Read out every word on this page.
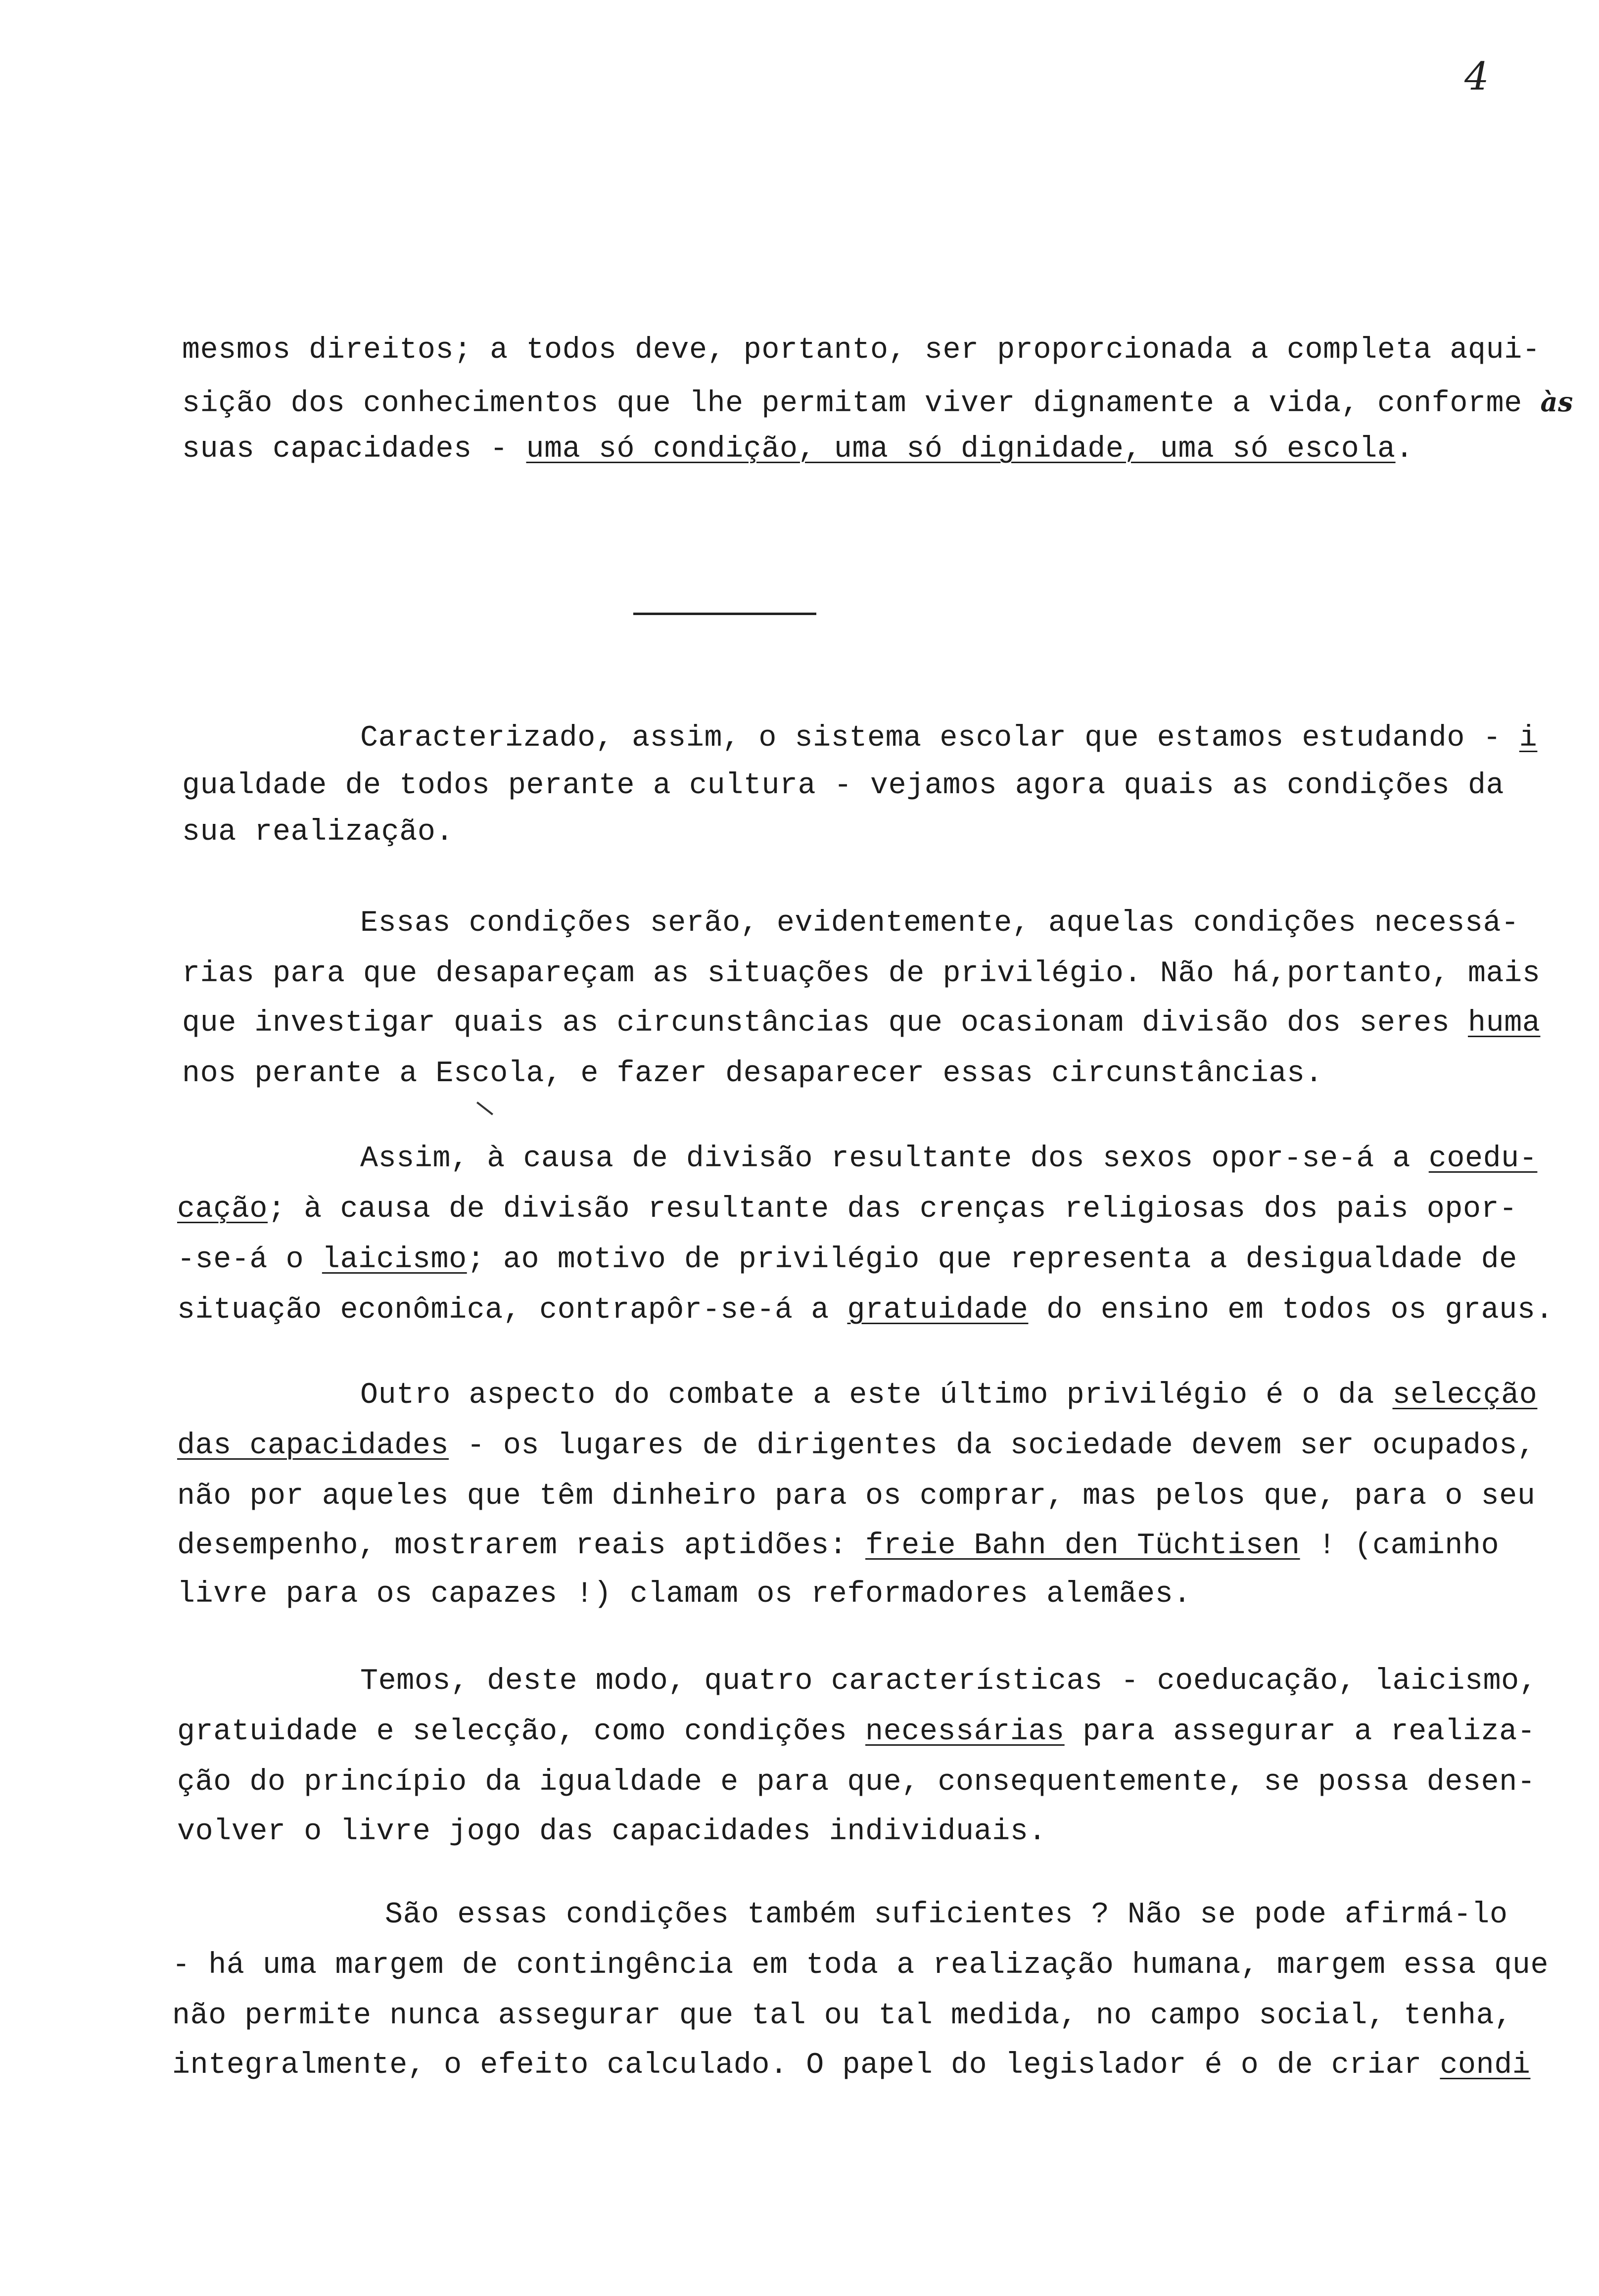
4
mesmos direitos; a todos deve, portanto, ser proporcionada a completa aqui-
sição dos conhecimentos que lhe permitam viver dignamente a vida, conforme às
suas capacidades - uma só condição, uma só dignidade, uma só escola.
Caracterizado, assim, o sistema escolar que estamos estudando - i
gualdade de todos perante a cultura - vejamos agora quais as condições da
sua realização.
Essas condições serão, evidentemente, aquelas condições necessá-
rias para que desapareçam as situações de privilégio. Não há,portanto, mais
que investigar quais as circunstâncias que ocasionam divisão dos seres huma
nos perante a Escola, e fazer desaparecer essas circunstâncias.
Assim, à causa de divisão resultante dos sexos opor-se-á a coedu-
cação; à causa de divisão resultante das crenças religiosas dos pais opor-
-se-á o laicismo; ao motivo de privilégio que representa a desigualdade de
situação econômica, contrapôr-se-á a gratuidade do ensino em todos os graus.
Outro aspecto do combate a este último privilégio é o da selecção
das capacidades - os lugares de dirigentes da sociedade devem ser ocupados,
não por aqueles que têm dinheiro para os comprar, mas pelos que, para o seu
desempenho, mostrarem reais aptidões: freie Bahn den Tüchtisen ! (caminho
livre para os capazes !) clamam os reformadores alemães.
Temos, deste modo, quatro características - coeducação, laicismo,
gratuidade e selecção, como condições necessárias para assegurar a realiza-
ção do princípio da igualdade e para que, consequentemente, se possa desen-
volver o livre jogo das capacidades individuais.
São essas condições também suficientes ? Não se pode afirmá-lo
- há uma margem de contingência em toda a realização humana, margem essa que
não permite nunca assegurar que tal ou tal medida, no campo social, tenha,
integralmente, o efeito calculado. O papel do legislador é o de criar condi
